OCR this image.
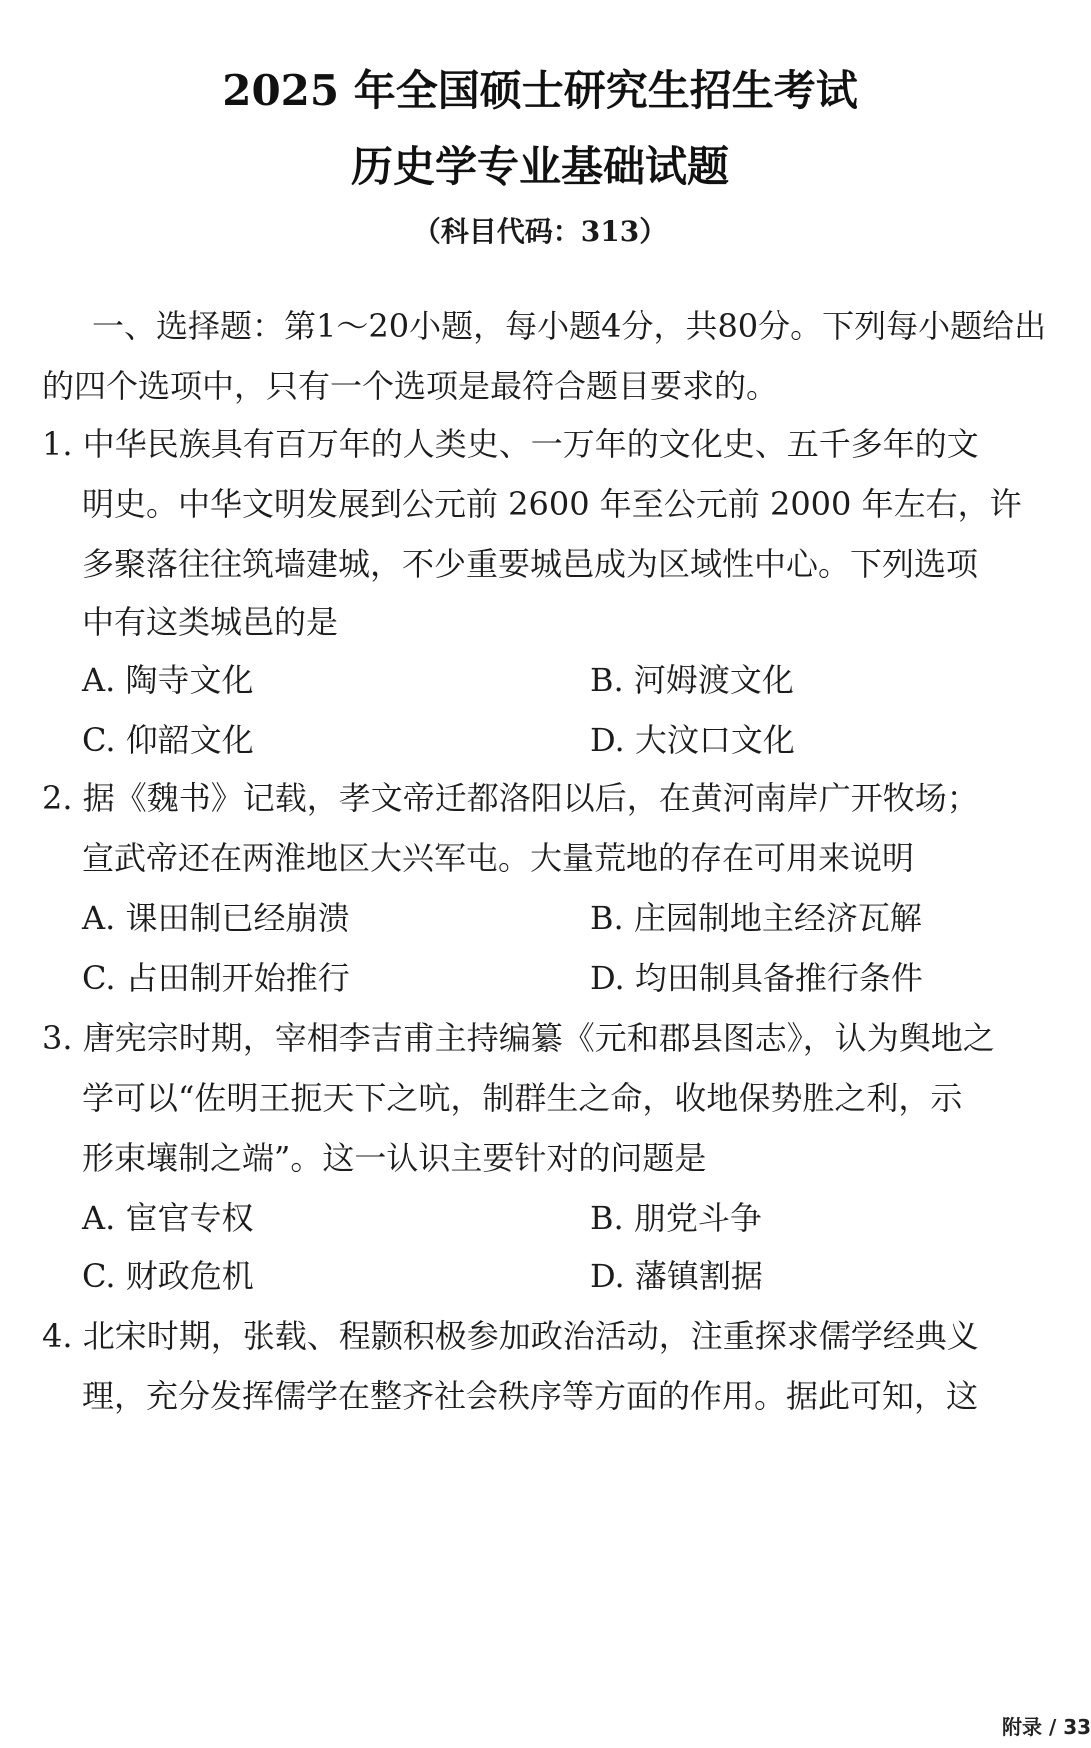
2025 年全国硕士研究生招生考试
历史学专业基础试题
（科目代码：313）
一、选择题：第1～20小题，每小题4分，共80分。下列每小题给出
的四个选项中，只有一个选项是最符合题目要求的。
1. 中华民族具有百万年的人类史、一万年的文化史、五千多年的文
明史。中华文明发展到公元前 2600 年至公元前 2000 年左右，许
多聚落往往筑墙建城，不少重要城邑成为区域性中心。下列选项
中有这类城邑的是
A. 陶寺文化	B. 河姆渡文化
C. 仰韶文化	D. 大汶口文化
2. 据《魏书》记载，孝文帝迁都洛阳以后，在黄河南岸广开牧场；
宣武帝还在两淮地区大兴军屯。大量荒地的存在可用来说明
A. 课田制已经崩溃	B. 庄园制地主经济瓦解
C. 占田制开始推行	D. 均田制具备推行条件
3. 唐宪宗时期，宰相李吉甫主持编纂《元和郡县图志》，认为舆地之
学可以“佐明王扼天下之吭，制群生之命，收地保势胜之利，示
形束壤制之端”。这一认识主要针对的问题是
A. 宦官专权	B. 朋党斗争
C. 财政危机	D. 藩镇割据
4. 北宋时期，张载、程颢积极参加政治活动，注重探求儒学经典义
理，充分发挥儒学在整齐社会秩序等方面的作用。据此可知，这
附录 / 33
